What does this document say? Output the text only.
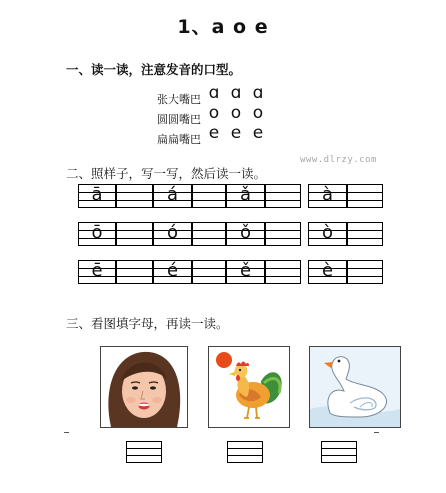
1、a o e
一、读一读，注意发音的口型。
张大嘴巴 ɑ ɑ ɑ
圆圆嘴巴 o o o
扁扁嘴巴 e e e
www.dlrzy.com
二、照样子，写一写，然后读一读。
ā	á	ǎ	à
ō	ó	ǒ	ò
ē	é	ě	è
三、看图填字母，再读一读。
